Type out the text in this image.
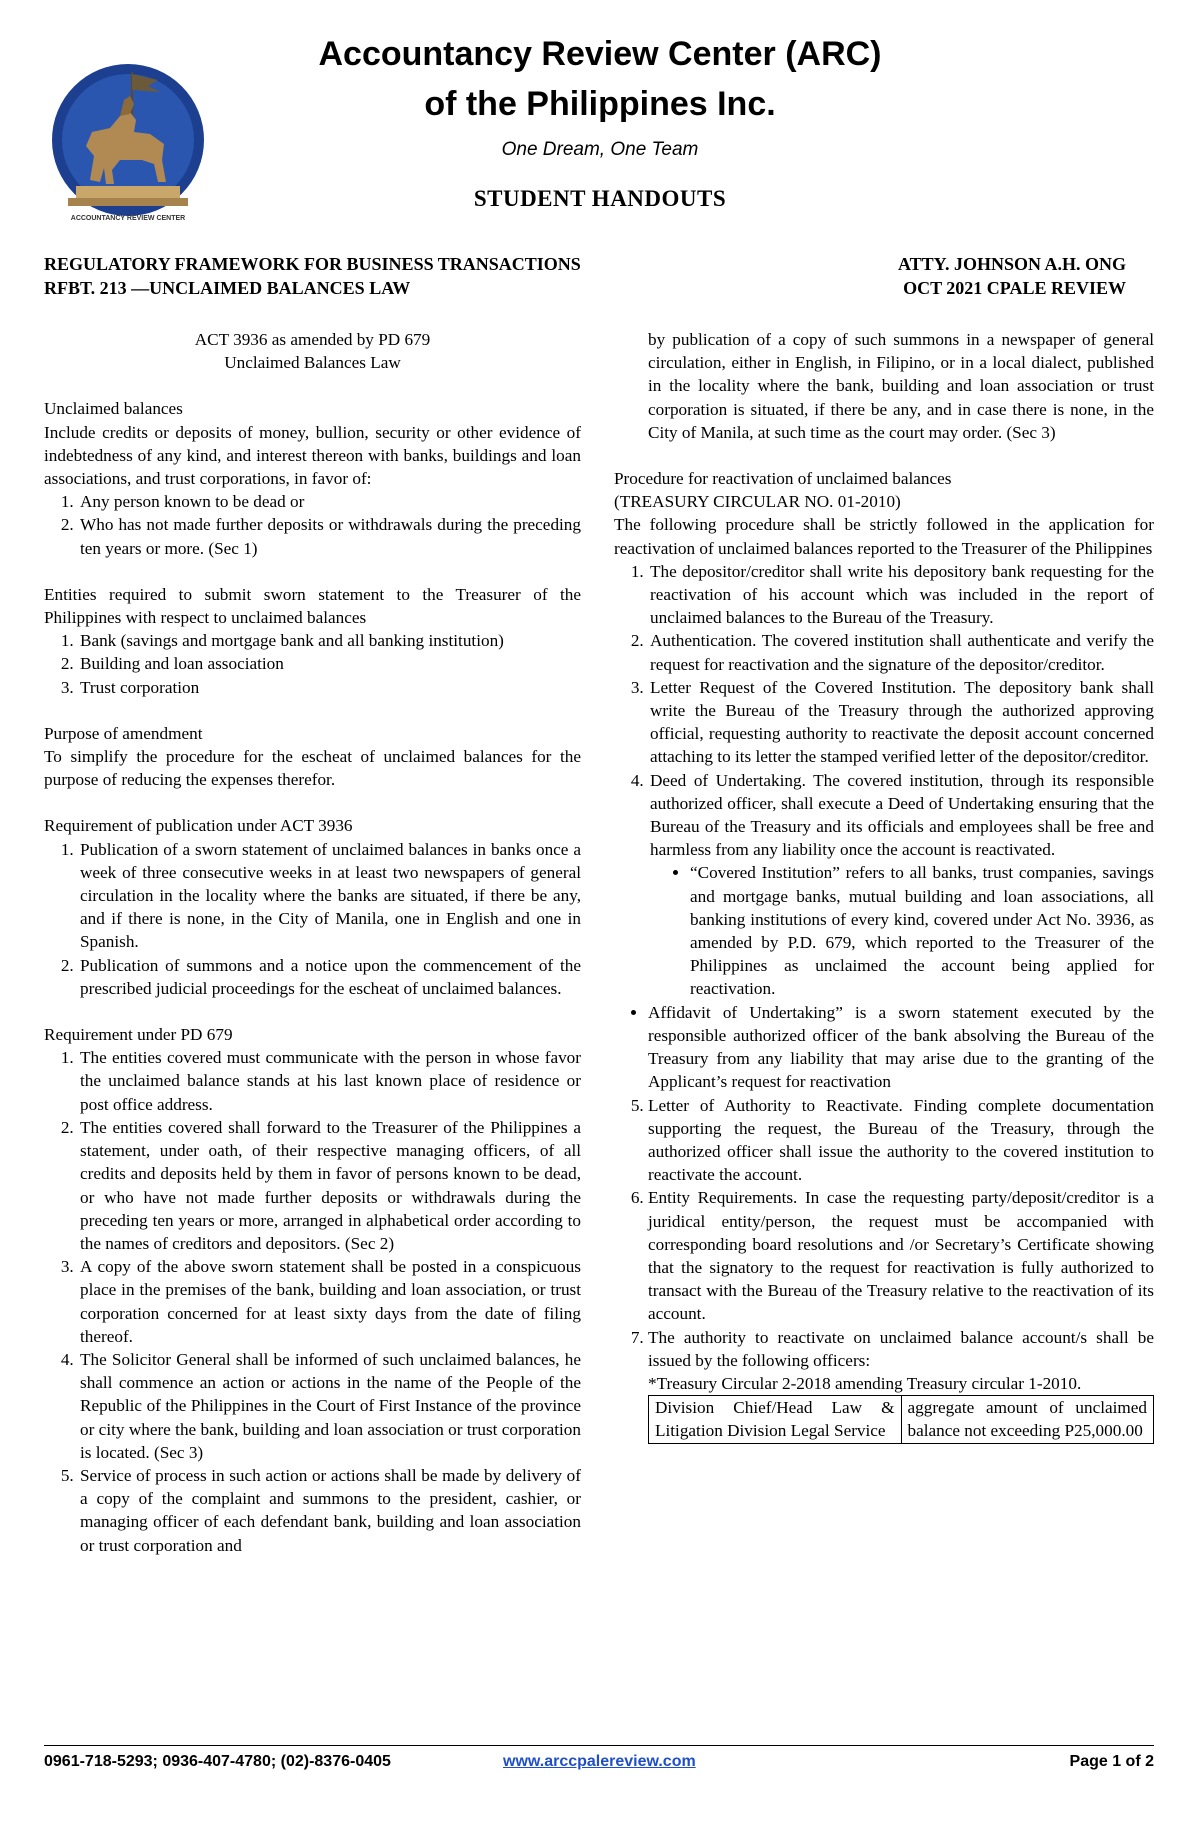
ACCOUNTANCY REVIEW CENTER
Accountancy Review Center (ARC)
of the Philippines Inc.
One Dream, One Team
STUDENT HANDOUTS
REGULATORY FRAMEWORK FOR BUSINESS TRANSACTIONS
RFBT. 213 —UNCLAIMED BALANCES LAW
ATTY. JOHNSON A.H. ONG
OCT 2021 CPALE REVIEW

ACT 3936 as amended by PD 679

Unclaimed Balances Law

Unclaimed balances

Include credits or deposits of money, bullion, security or other evidence of indebtedness of any kind, and interest thereon with banks, buildings and loan associations, and trust corporations, in favor of:

1. Any person known to be dead or
2. Who has not made further deposits or withdrawals during the preceding ten years or more. (Sec 1)

Entities required to submit sworn statement to the Treasurer of the Philippines with respect to unclaimed balances

1. Bank (savings and mortgage bank and all banking institution)
2. Building and loan association
3. Trust corporation

Purpose of amendment

To simplify the procedure for the escheat of unclaimed balances for the purpose of reducing the expenses therefor.

Requirement of publication under ACT 3936

1. Publication of a sworn statement of unclaimed balances in banks once a week of three consecutive weeks in at least two newspapers of general circulation in the locality where the banks are situated, if there be any, and if there is none, in the City of Manila, one in English and one in Spanish.
2. Publication of summons and a notice upon the commencement of the prescribed judicial proceedings for the escheat of unclaimed balances.

Requirement under PD 679

1. The entities covered must communicate with the person in whose favor the unclaimed balance stands at his last known place of residence or post office address.
2. The entities covered shall forward to the Treasurer of the Philippines a statement, under oath, of their respective managing officers, of all credits and deposits held by them in favor of persons known to be dead, or who have not made further deposits or withdrawals during the preceding ten years or more, arranged in alphabetical order according to the names of creditors and depositors. (Sec 2)
3. A copy of the above sworn statement shall be posted in a conspicuous place in the premises of the bank, building and loan association, or trust corporation concerned for at least sixty days from the date of filing thereof.
4. The Solicitor General shall be informed of such unclaimed balances, he shall commence an action or actions in the name of the People of the Republic of the Philippines in the Court of First Instance of the province or city where the bank, building and loan association or trust corporation is located. (Sec 3)
5. Service of process in such action or actions shall be made by delivery of a copy of the complaint and summons to the president, cashier, or managing officer of each defendant bank, building and loan association or trust corporation and

by publication of a copy of such summons in a newspaper of general circulation, either in English, in Filipino, or in a local dialect, published in the locality where the bank, building and loan association or trust corporation is situated, if there be any, and in case there is none, in the City of Manila, at such time as the court may order. (Sec 3)

Procedure for reactivation of unclaimed balances

(TREASURY CIRCULAR NO. 01-2010)

The following procedure shall be strictly followed in the application for reactivation of unclaimed balances reported to the Treasurer of the Philippines

1. The depositor/creditor shall write his depository bank requesting for the reactivation of his account which was included in the report of unclaimed balances to the Bureau of the Treasury.
2. Authentication. The covered institution shall authenticate and verify the request for reactivation and the signature of the depositor/creditor.
3. Letter Request of the Covered Institution. The depository bank shall write the Bureau of the Treasury through the authorized approving official, requesting authority to reactivate the deposit account concerned attaching to its letter the stamped verified letter of the depositor/creditor.
4. Deed of Undertaking. The covered institution, through its responsible authorized officer, shall execute a Deed of Undertaking ensuring that the Bureau of the Treasury and its officials and employees shall be free and harmless from any liability once the account is reactivated.
• “Covered Institution” refers to all banks, trust companies, savings and mortgage banks, mutual building and loan associations, all banking institutions of every kind, covered under Act No. 3936, as amended by P.D. 679, which reported to the Treasurer of the Philippines as unclaimed the account being applied for reactivation.
• Affidavit of Undertaking” is a sworn statement executed by the responsible authorized officer of the bank absolving the Bureau of the Treasury from any liability that may arise due to the granting of the Applicant’s request for reactivation
5. Letter of Authority to Reactivate. Finding complete documentation supporting the request, the Bureau of the Treasury, through the authorized officer shall issue the authority to the covered institution to reactivate the account.
6. Entity Requirements. In case the requesting party/deposit/creditor is a juridical entity/person, the request must be accompanied with corresponding board resolutions and /or Secretary’s Certificate showing that the signatory to the request for reactivation is fully authorized to transact with the Bureau of the Treasury relative to the reactivation of its account.
7. The authority to reactivate on unclaimed balance account/s shall be issued by the following officers:

*Treasury Circular 2-2018 amending Treasury circular 1-2010.

Division Chief/Head Law & Litigation Division Legal Service	aggregate amount of unclaimed balance not exceeding P25,000.00
0961-718-5293; 0936-407-4780; (02)-8376-0405	www.arccpalereview.com	Page 1 of 2
